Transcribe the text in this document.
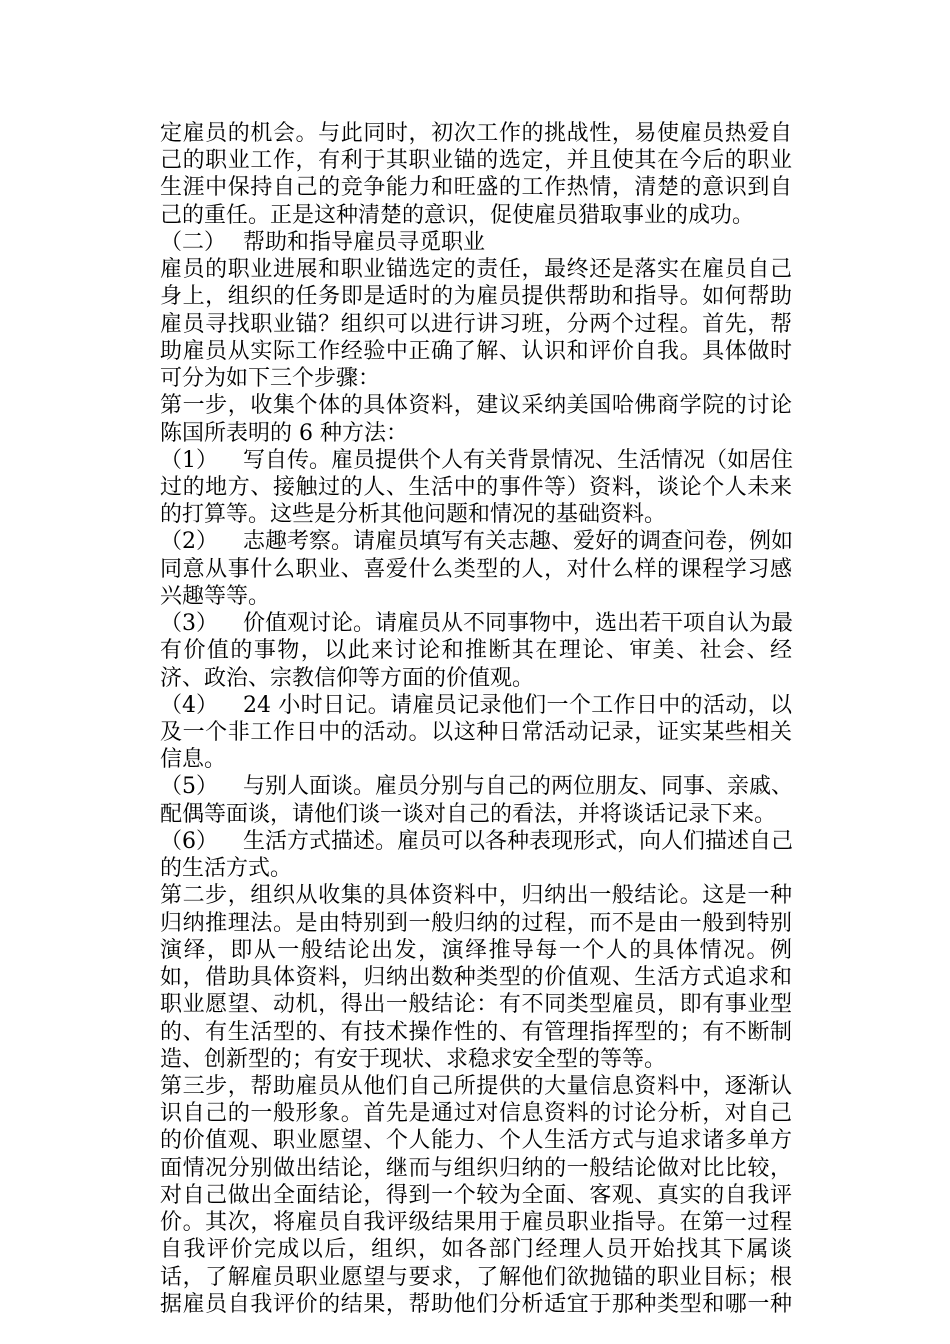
定雇员的机会。与此同时，初次工作的挑战性，易使雇员热爱自
己的职业工作，有利于其职业锚的选定，并且使其在今后的职业
生涯中保持自己的竞争能力和旺盛的工作热情，清楚的意识到自
己的重任。正是这种清楚的意识，促使雇员猎取事业的成功。
（二） 帮助和指导雇员寻觅职业
雇员的职业进展和职业锚选定的责任，最终还是落实在雇员自己
身上，组织的任务即是适时的为雇员提供帮助和指导。如何帮助
雇员寻找职业锚？组织可以进行讲习班，分两个过程。首先，帮
助雇员从实际工作经验中正确了解、认识和评价自我。具体做时
可分为如下三个步骤：
第一步，收集个体的具体资料，建议采纳美国哈佛商学院的讨论
陈国所表明的 6 种方法：
（1） 写自传。雇员提供个人有关背景情况、生活情况（如居住
过的地方、接触过的人、生活中的事件等）资料，谈论个人未来
的打算等。这些是分析其他问题和情况的基础资料。
（2） 志趣考察。请雇员填写有关志趣、爱好的调查问卷，例如
同意从事什么职业、喜爱什么类型的人，对什么样的课程学习感
兴趣等等。
（3） 价值观讨论。请雇员从不同事物中，选出若干项自认为最
有价值的事物，以此来讨论和推断其在理论、审美、社会、经
济、政治、宗教信仰等方面的价值观。
（4） 24 小时日记。请雇员记录他们一个工作日中的活动，以
及一个非工作日中的活动。以这种日常活动记录，证实某些相关
信息。
（5） 与别人面谈。雇员分别与自己的两位朋友、同事、亲戚、
配偶等面谈，请他们谈一谈对自己的看法，并将谈话记录下来。
（6） 生活方式描述。雇员可以各种表现形式，向人们描述自己
的生活方式。
第二步，组织从收集的具体资料中，归纳出一般结论。这是一种
归纳推理法。是由特别到一般归纳的过程，而不是由一般到特别
演绎，即从一般结论出发，演绎推导每一个人的具体情况。例
如，借助具体资料，归纳出数种类型的价值观、生活方式追求和
职业愿望、动机，得出一般结论：有不同类型雇员，即有事业型
的、有生活型的、有技术操作性的、有管理指挥型的；有不断制
造、创新型的；有安于现状、求稳求安全型的等等。
第三步，帮助雇员从他们自己所提供的大量信息资料中，逐渐认
识自己的一般形象。首先是通过对信息资料的讨论分析，对自己
的价值观、职业愿望、个人能力、个人生活方式与追求诸多单方
面情况分别做出结论，继而与组织归纳的一般结论做对比比较，
对自己做出全面结论，得到一个较为全面、客观、真实的自我评
价。其次，将雇员自我评级结果用于雇员职业指导。在第一过程
自我评价完成以后，组织，如各部门经理人员开始找其下属谈
话，了解雇员职业愿望与要求，了解他们欲抛锚的职业目标；根
据雇员自我评价的结果，帮助他们分析适宜于那种类型和哪一种
